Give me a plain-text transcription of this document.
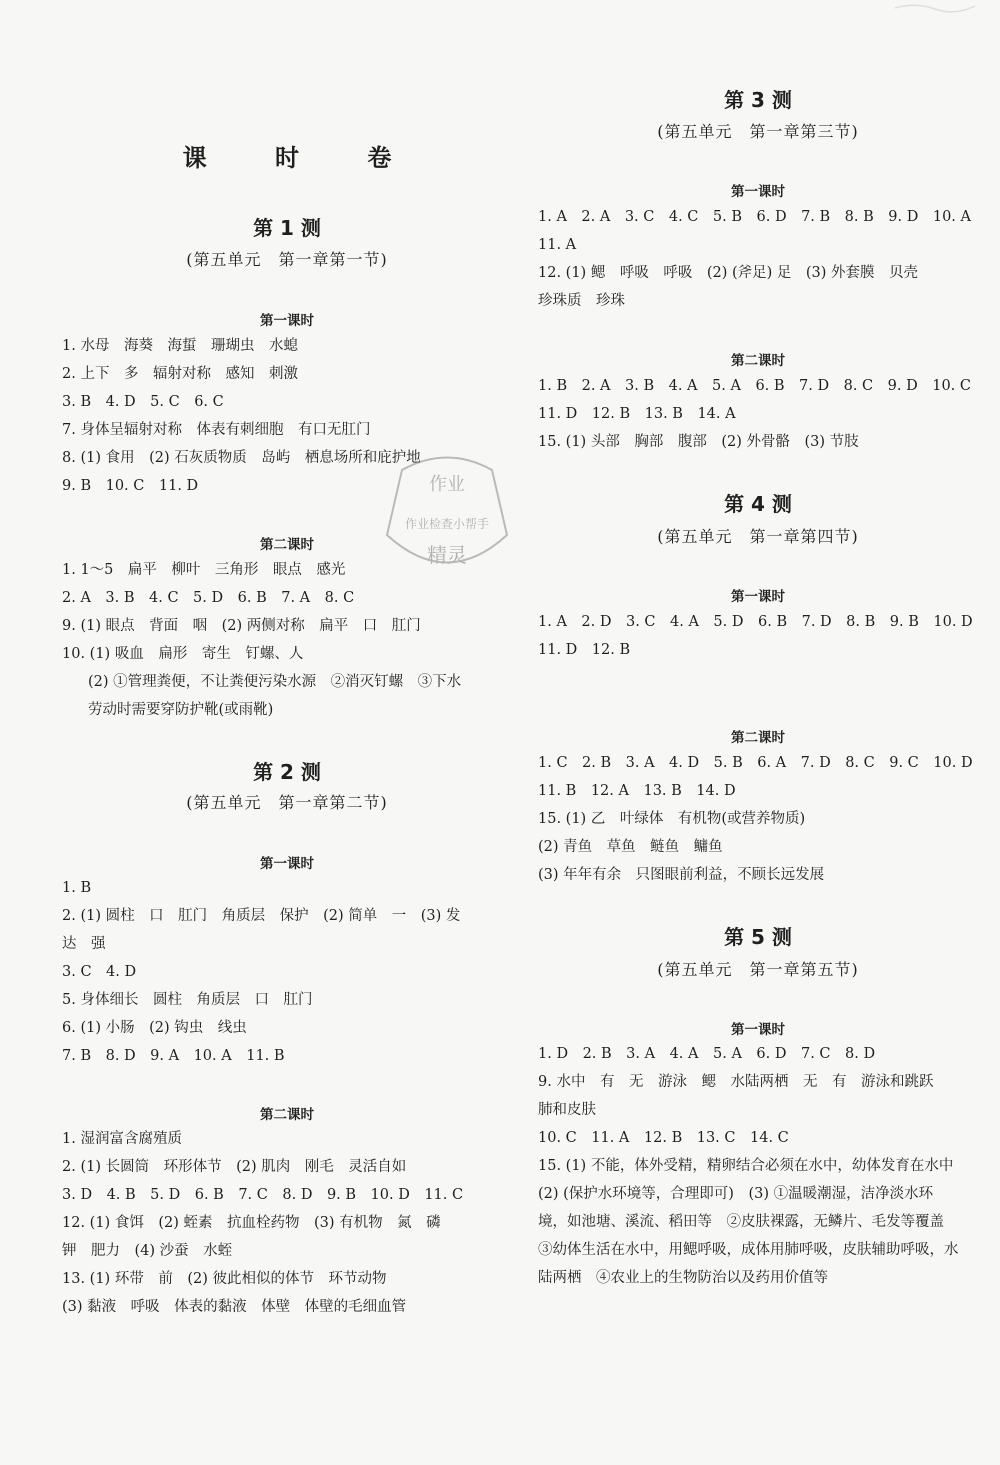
课 时 卷
第 1 测
(第五单元　第一章第一节)
第一课时
1. 水母　海葵　海蜇　珊瑚虫　水螅
2. 上下　多　辐射对称　感知　刺激
3. B　4. D　5. C　6. C
7. 身体呈辐射对称　体表有刺细胞　有口无肛门
8. (1) 食用　(2) 石灰质物质　岛屿　栖息场所和庇护地
9. B　10. C　11. D
第二课时
1. 1～5　扁平　柳叶　三角形　眼点　感光
2. A　3. B　4. C　5. D　6. B　7. A　8. C
9. (1) 眼点　背面　咽　(2) 两侧对称　扁平　口　肛门
10. (1) 吸血　扁形　寄生　钉螺、人
(2) ①管理粪便，不让粪便污染水源　②消灭钉螺　③下水
劳动时需要穿防护靴(或雨靴)
第 2 测
(第五单元　第一章第二节)
第一课时
1. B
2. (1) 圆柱　口　肛门　角质层　保护　(2) 简单　一　(3) 发
达　强
3. C　4. D
5. 身体细长　圆柱　角质层　口　肛门
6. (1) 小肠　(2) 钩虫　线虫
7. B　8. D　9. A　10. A　11. B
第二课时
1. 湿润富含腐殖质
2. (1) 长圆筒　环形体节　(2) 肌肉　刚毛　灵活自如
3. D　4. B　5. D　6. B　7. C　8. D　9. B　10. D　11. C
12. (1) 食饵　(2) 蛭素　抗血栓药物　(3) 有机物　氮　磷
钾　肥力　(4) 沙蚕　水蛭
13. (1) 环带　前　(2) 彼此相似的体节　环节动物
(3) 黏液　呼吸　体表的黏液　体壁　体壁的毛细血管
第 3 测
(第五单元　第一章第三节)
第一课时
1. A　2. A　3. C　4. C　5. B　6. D　7. B　8. B　9. D　10. A
11. A
12. (1) 鳃　呼吸　呼吸　(2) (斧足) 足　(3) 外套膜　贝壳
珍珠质　珍珠
第二课时
1. B　2. A　3. B　4. A　5. A　6. B　7. D　8. C　9. D　10. C
11. D　12. B　13. B　14. A
15. (1) 头部　胸部　腹部　(2) 外骨骼　(3) 节肢
第 4 测
(第五单元　第一章第四节)
第一课时
1. A　2. D　3. C　4. A　5. D　6. B　7. D　8. B　9. B　10. D
11. D　12. B
第二课时
1. C　2. B　3. A　4. D　5. B　6. A　7. D　8. C　9. C　10. D
11. B　12. A　13. B　14. D
15. (1) 乙　叶绿体　有机物(或营养物质)
(2) 青鱼　草鱼　鲢鱼　鳙鱼
(3) 年年有余　只图眼前利益，不顾长远发展
第 5 测
(第五单元　第一章第五节)
第一课时
1. D　2. B　3. A　4. A　5. A　6. D　7. C　8. D
9. 水中　有　无　游泳　鳃　水陆两栖　无　有　游泳和跳跃
肺和皮肤
10. C　11. A　12. B　13. C　14. C
15. (1) 不能，体外受精，精卵结合必须在水中，幼体发育在水中
(2) (保护水环境等，合理即可)　(3) ①温暖潮湿，洁净淡水环
境，如池塘、溪流、稻田等　②皮肤裸露，无鳞片、毛发等覆盖
③幼体生活在水中，用鳃呼吸，成体用肺呼吸，皮肤辅助呼吸，水
陆两栖　④农业上的生物防治以及药用价值等
作业
作业检查小帮手
精灵
